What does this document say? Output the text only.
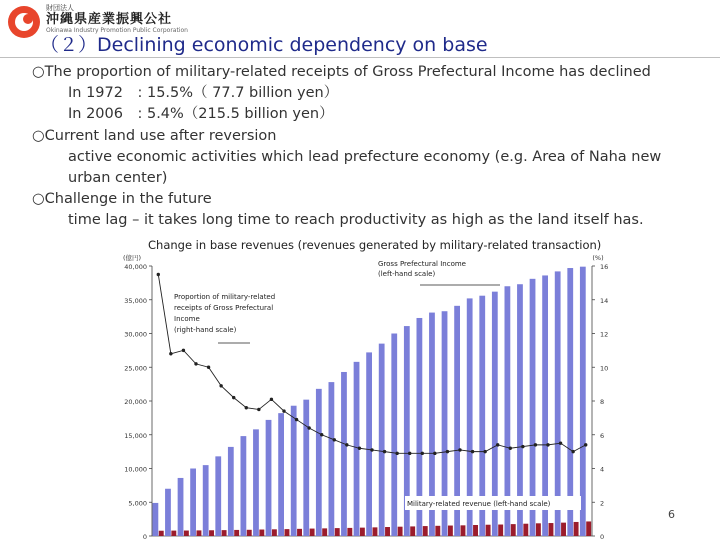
財団法人
沖縄県産業振興公社
Okinawa Industry Promotion Public Corporation
（２）Declining economic dependency on base
○The proportion of military-related receipts of Gross Prefectural Income has declined
In 1972　: 15.5%（ 77.7 billion yen）
In 2006　: 5.4%（215.5 billion yen）
○Current land use after reversion
active economic activities which lead prefecture economy (e.g. Area of Naha new
urban center)
○Challenge in the future
time lag – it takes long time to reach productivity as high as the land itself has.
Change in base revenues (revenues generated by military-related transaction)
0
5,000
10,000
15,000
20,000
25,000
30,000
35,000
40,000
0
2
4
6
8
10
12
14
16
(億円)	(%)
Gross Prefectural Income
(left-hand scale)
Proportion of military-related
receipts of Gross Prefectural
Income
(right-hand scale)
Military-related revenue (left-hand scale)
6
